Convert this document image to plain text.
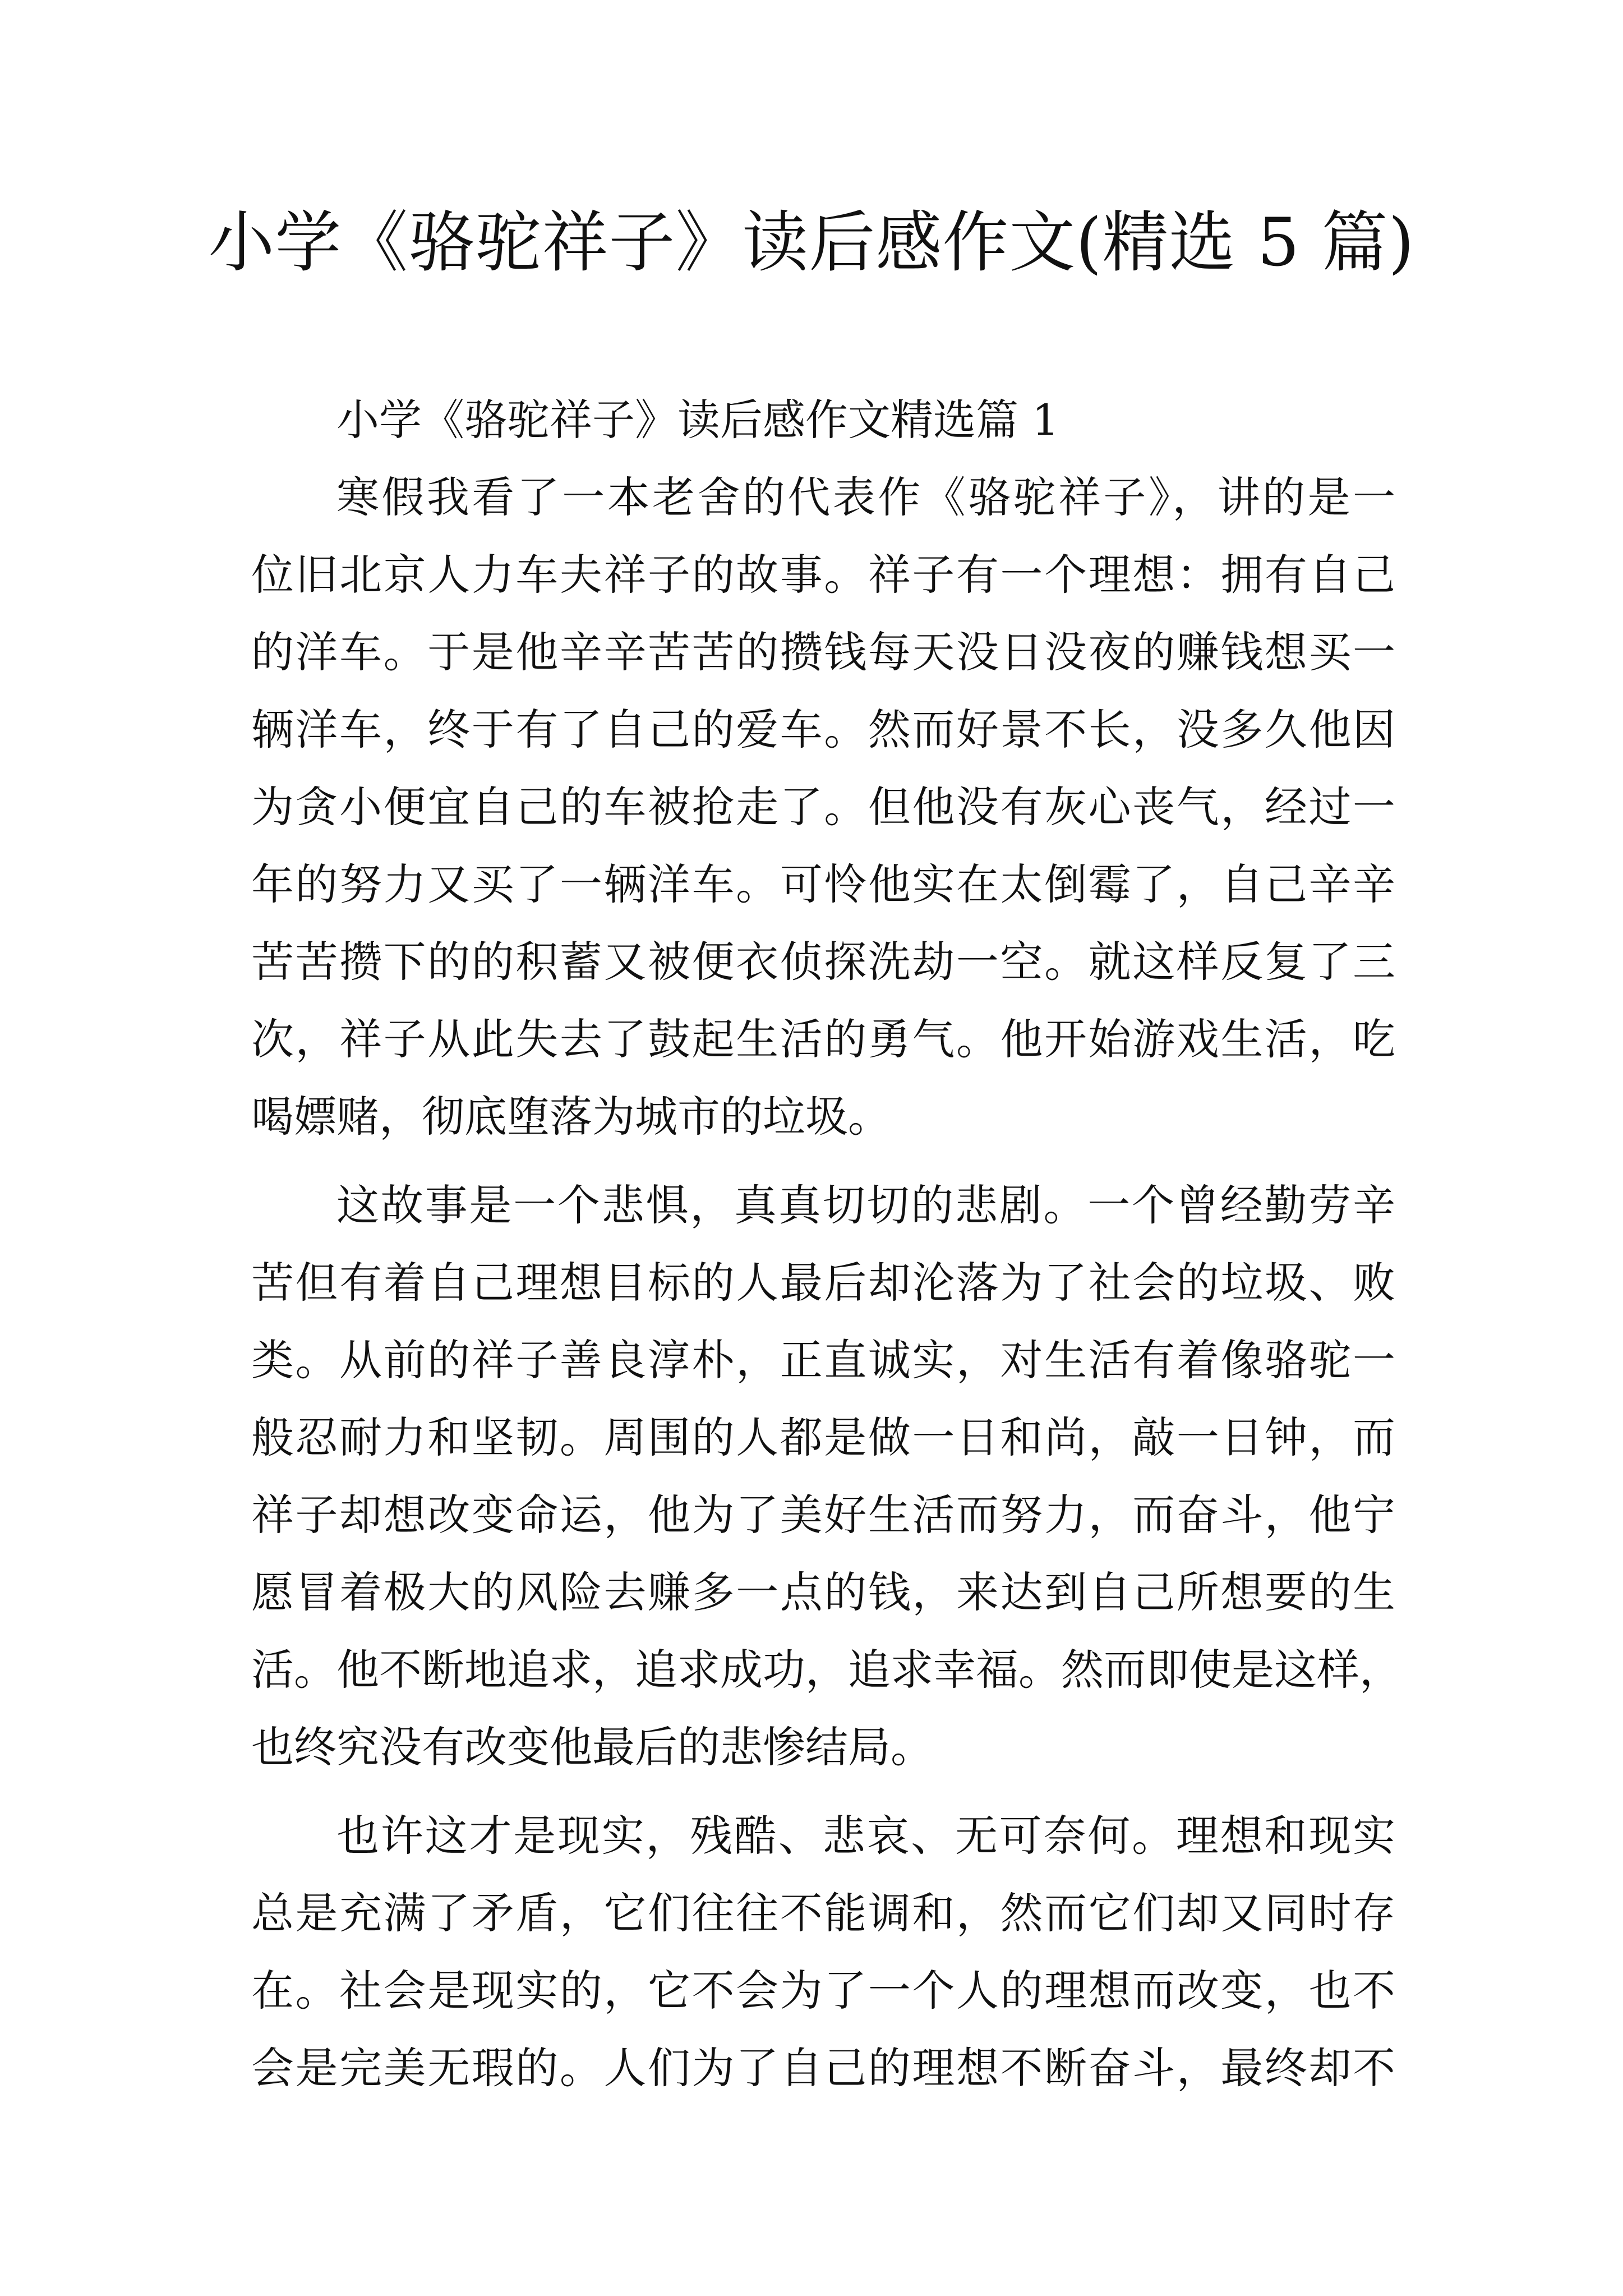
小学《骆驼祥子》读后感作文(精选 5 篇)

小学《骆驼祥子》读后感作文精选篇 1

寒假我看了一本老舍的代表作《骆驼祥子》，讲的是一
位旧北京人力车夫祥子的故事。祥子有一个理想：拥有自己
的洋车。于是他辛辛苦苦的攒钱每天没日没夜的赚钱想买一
辆洋车，终于有了自己的爱车。然而好景不长，没多久他因
为贪小便宜自己的车被抢走了。但他没有灰心丧气，经过一
年的努力又买了一辆洋车。可怜他实在太倒霉了，自己辛辛
苦苦攒下的的积蓄又被便衣侦探洗劫一空。就这样反复了三
次，祥子从此失去了鼓起生活的勇气。他开始游戏生活，吃
喝嫖赌，彻底堕落为城市的垃圾。

这故事是一个悲惧，真真切切的悲剧。一个曾经勤劳辛
苦但有着自己理想目标的人最后却沦落为了社会的垃圾、败
类。从前的祥子善良淳朴，正直诚实，对生活有着像骆驼一
般忍耐力和坚韧。周围的人都是做一日和尚，敲一日钟，而
祥子却想改变命运，他为了美好生活而努力，而奋斗，他宁
愿冒着极大的风险去赚多一点的钱，来达到自己所想要的生
活。他不断地追求，追求成功，追求幸福。然而即使是这样，
也终究没有改变他最后的悲惨结局。

也许这才是现实，残酷、悲哀、无可奈何。理想和现实
总是充满了矛盾，它们往往不能调和，然而它们却又同时存
在。社会是现实的，它不会为了一个人的理想而改变，也不
会是完美无瑕的。人们为了自己的理想不断奋斗，最终却不
